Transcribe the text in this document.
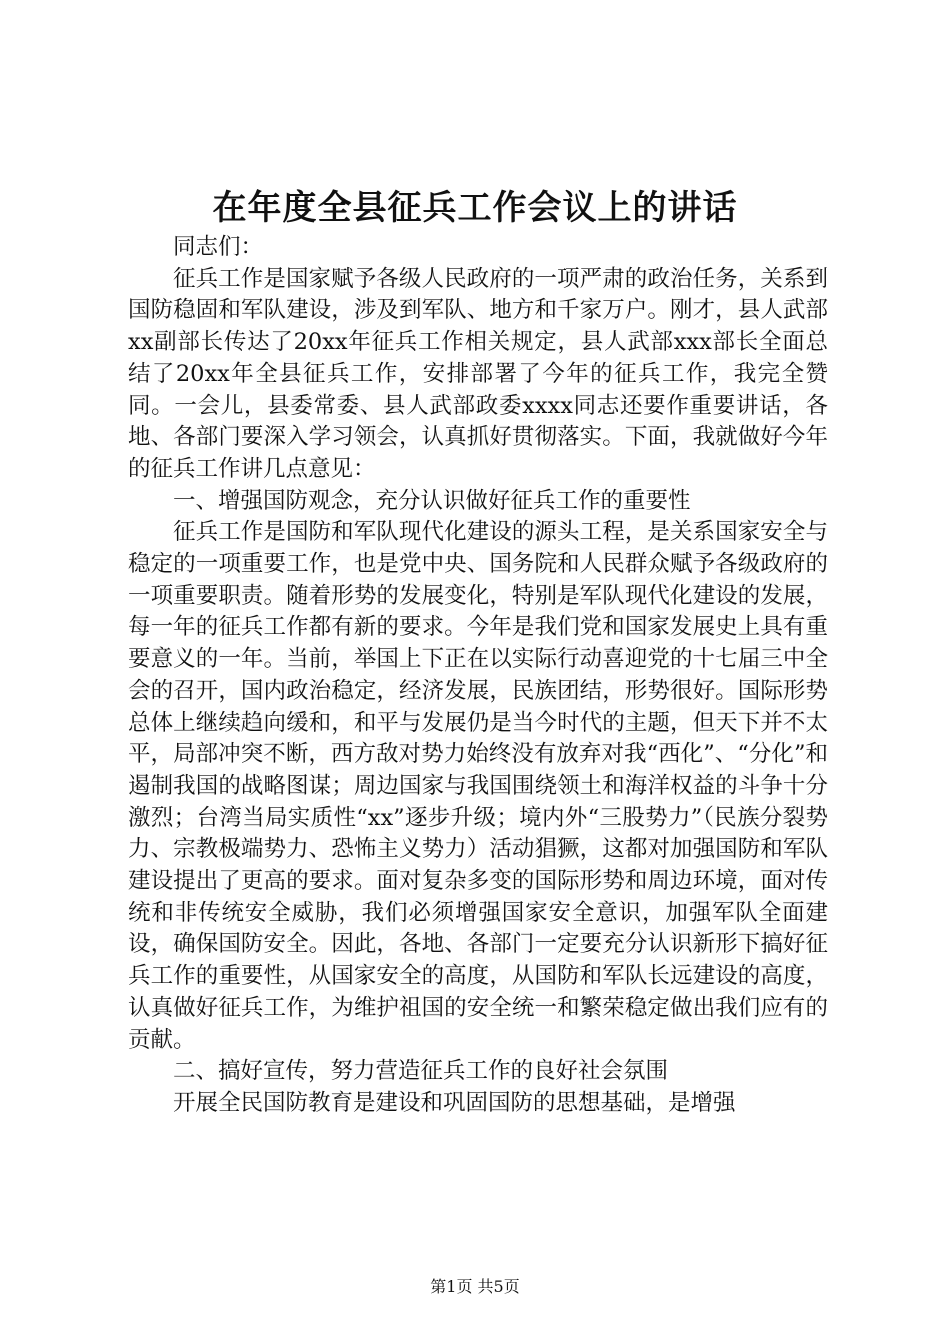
在年度全县征兵工作会议上的讲话

同志们：

征兵工作是国家赋予各级人民政府的一项严肃的政治任务，关系到国防稳固和军队建设，涉及到军队、地方和千家万户。刚才，县人武部xx副部长传达了20xx年征兵工作相关规定，县人武部xxx部长全面总结了20xx年全县征兵工作，安排部署了今年的征兵工作，我完全赞同。一会儿，县委常委、县人武部政委xxxx同志还要作重要讲话，各地、各部门要深入学习领会，认真抓好贯彻落实。下面，我就做好今年的征兵工作讲几点意见：

一、增强国防观念，充分认识做好征兵工作的重要性

征兵工作是国防和军队现代化建设的源头工程，是关系国家安全与稳定的一项重要工作，也是党中央、国务院和人民群众赋予各级政府的一项重要职责。随着形势的发展变化，特别是军队现代化建设的发展，每一年的征兵工作都有新的要求。今年是我们党和国家发展史上具有重要意义的一年。当前，举国上下正在以实际行动喜迎党的十七届三中全会的召开，国内政治稳定，经济发展，民族团结，形势很好。国际形势总体上继续趋向缓和，和平与发展仍是当今时代的主题，但天下并不太平，局部冲突不断，西方敌对势力始终没有放弃对我“西化”、“分化”和遏制我国的战略图谋；周边国家与我国围绕领土和海洋权益的斗争十分激烈；台湾当局实质性“xx”逐步升级；境内外“三股势力”（民族分裂势力、宗教极端势力、恐怖主义势力）活动猖獗，这都对加强国防和军队建设提出了更高的要求。面对复杂多变的国际形势和周边环境，面对传统和非传统安全威胁，我们必须增强国家安全意识，加强军队全面建设，确保国防安全。因此，各地、各部门一定要充分认识新形下搞好征兵工作的重要性，从国家安全的高度，从国防和军队长远建设的高度，认真做好征兵工作，为维护祖国的安全统一和繁荣稳定做出我们应有的贡献。

二、搞好宣传，努力营造征兵工作的良好社会氛围

开展全民国防教育是建设和巩固国防的思想基础，是增强

第1页 共5页
